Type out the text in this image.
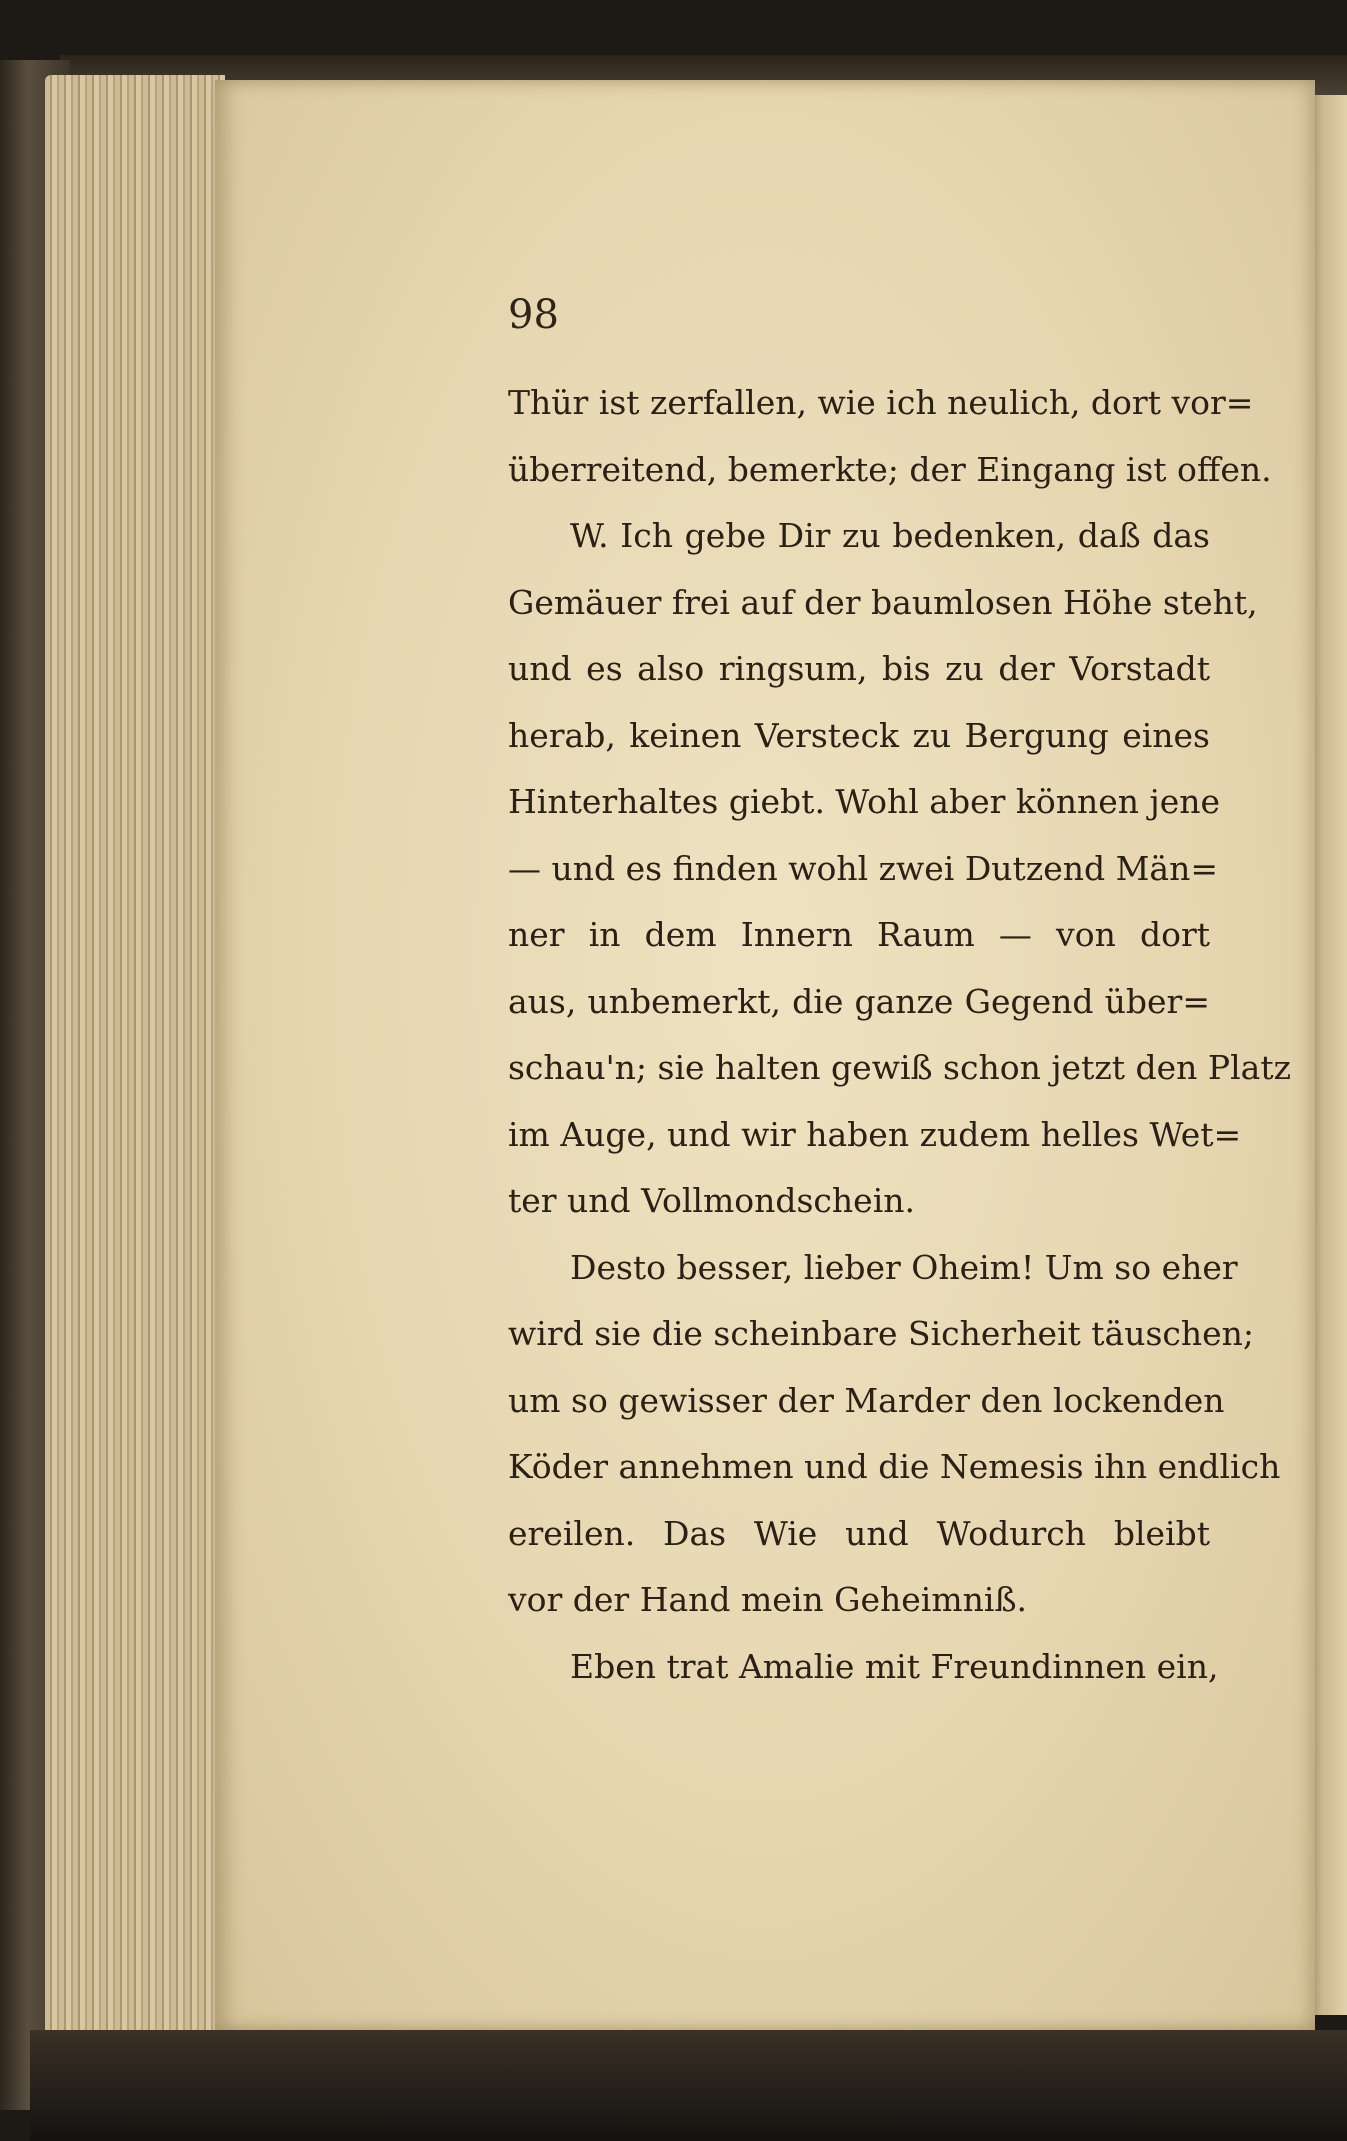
98
Thür ist zerfallen, wie ich neulich, dort vor=
überreitend, bemerkte; der Eingang ist offen.
W. Ich gebe Dir zu bedenken, daß das
Gemäuer frei auf der baumlosen Höhe steht,
und es also ringsum, bis zu der Vorstadt
herab, keinen Versteck zu Bergung eines
Hinterhaltes giebt. Wohl aber können jene
— und es finden wohl zwei Dutzend Män=
ner in dem Innern Raum — von dort
aus, unbemerkt, die ganze Gegend über=
schau'n; sie halten gewiß schon jetzt den Platz
im Auge, und wir haben zudem helles Wet=
ter und Vollmondschein.
Desto besser, lieber Oheim! Um so eher
wird sie die scheinbare Sicherheit täuschen;
um so gewisser der Marder den lockenden
Köder annehmen und die Nemesis ihn endlich
ereilen. Das Wie und Wodurch bleibt
vor der Hand mein Geheimniß.
Eben trat Amalie mit Freundinnen ein,
